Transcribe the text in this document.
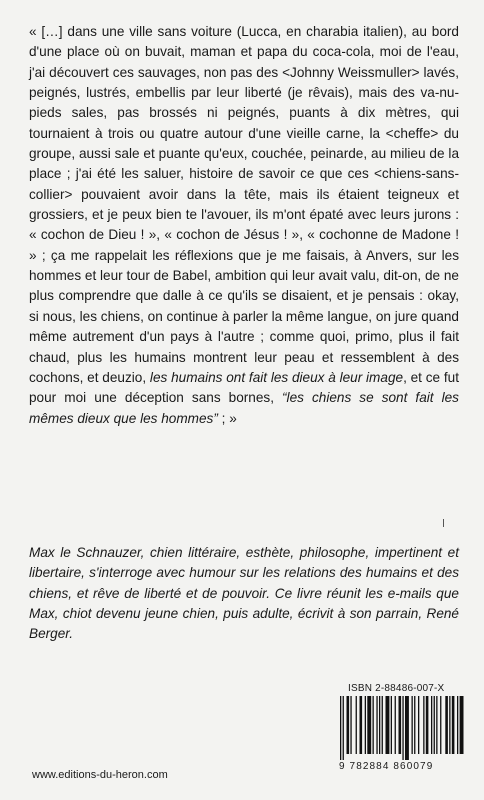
« […] dans une ville sans voiture (Lucca, en charabia italien), au bord d'une place où on buvait, maman et papa du coca-cola, moi de l'eau, j'ai découvert ces sauvages, non pas des <Johnny Weissmuller> lavés, peignés, lustrés, embellis par leur liberté (je rêvais), mais des va-nu-pieds sales, pas brossés ni peignés, puants à dix mètres, qui tournaient à trois ou quatre autour d'une vieille carne, la <cheffe> du groupe, aussi sale et puante qu'eux, couchée, peinarde, au milieu de la place ; j'ai été les saluer, histoire de savoir ce que ces <chiens-sans-collier> pouvaient avoir dans la tête, mais ils étaient teigneux et grossiers, et je peux bien te l'avouer, ils m'ont épaté avec leurs jurons : « cochon de Dieu ! », « cochon de Jésus ! », « cochonne de Madone ! » ; ça me rappelait les réflexions que je me faisais, à Anvers, sur les hommes et leur tour de Babel, ambition qui leur avait valu, dit-on, de ne plus comprendre que dalle à ce qu'ils se disaient, et je pensais : okay, si nous, les chiens, on continue à parler la même langue, on jure quand même autrement d'un pays à l'autre ; comme quoi, primo, plus il fait chaud, plus les humains montrent leur peau et ressemblent à des cochons, et deuzio, les humains ont fait les dieux à leur image, et ce fut pour moi une déception sans bornes, “les chiens se sont fait les mêmes dieux que les hommes” ; »

Max le Schnauzer, chien littéraire, esthète, philosophe, impertinent et libertaire, s'interroge avec humour sur les relations des humains et des chiens, et rêve de liberté et de pouvoir. Ce livre réunit les e-mails que Max, chiot devenu jeune chien, puis adulte, écrivit à son parrain, René Berger.

ISBN 2-88486-007-X
9 782884 860079
www.editions-du-heron.com
